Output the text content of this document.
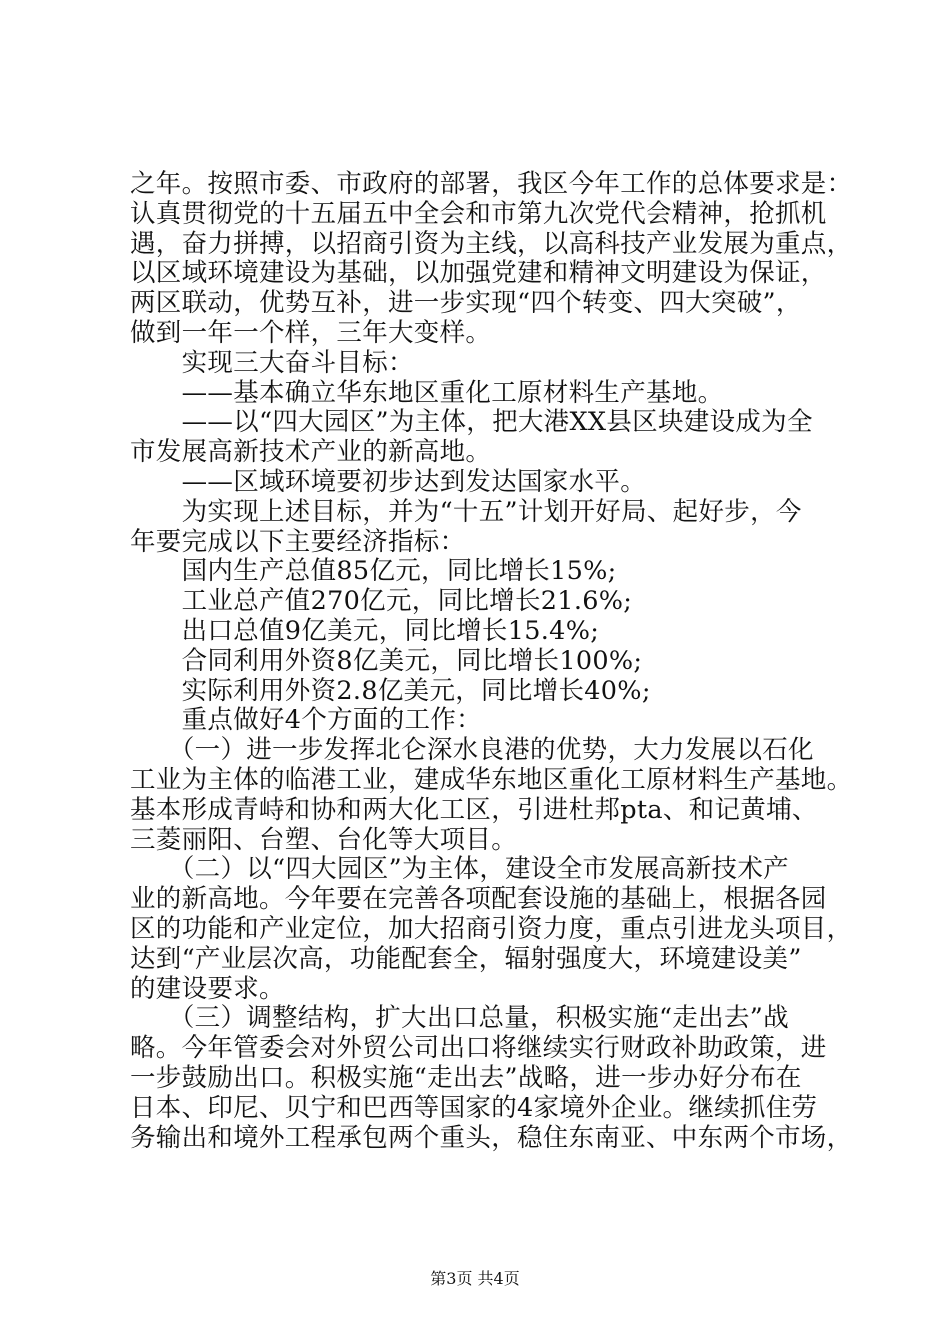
之年。按照市委、市政府的部署，我区今年工作的总体要求是：
认真贯彻党的十五届五中全会和市第九次党代会精神，抢抓机
遇，奋力拼搏，以招商引资为主线，以高科技产业发展为重点，
以区域环境建设为基础，以加强党建和精神文明建设为保证，
两区联动，优势互补，进一步实现“四个转变、四大突破”，
做到一年一个样，三年大变样。
　　实现三大奋斗目标：
　　——基本确立华东地区重化工原材料生产基地。
　　——以“四大园区”为主体，把大港XX县区块建设成为全
市发展高新技术产业的新高地。
　　——区域环境要初步达到发达国家水平。
　　为实现上述目标，并为“十五”计划开好局、起好步，今
年要完成以下主要经济指标：
　　国内生产总值85亿元，同比增长15%;
　　工业总产值270亿元，同比增长21.6%;
　　出口总值9亿美元，同比增长15.4%;
　　合同利用外资8亿美元，同比增长100%;
　　实际利用外资2.8亿美元，同比增长40%;
　　重点做好4个方面的工作：
　　（一）进一步发挥北仑深水良港的优势，大力发展以石化
工业为主体的临港工业，建成华东地区重化工原材料生产基地。
基本形成青峙和协和两大化工区，引进杜邦pta、和记黄埔、
三菱丽阳、台塑、台化等大项目。
　　（二）以“四大园区”为主体，建设全市发展高新技术产
业的新高地。今年要在完善各项配套设施的基础上，根据各园
区的功能和产业定位，加大招商引资力度，重点引进龙头项目，
达到“产业层次高，功能配套全，辐射强度大，环境建设美”
的建设要求。
　　（三）调整结构，扩大出口总量，积极实施“走出去”战
略。今年管委会对外贸公司出口将继续实行财政补助政策，进
一步鼓励出口。积极实施“走出去”战略，进一步办好分布在
日本、印尼、贝宁和巴西等国家的4家境外企业。继续抓住劳
务输出和境外工程承包两个重头，稳住东南亚、中东两个市场，
第3页 共4页
